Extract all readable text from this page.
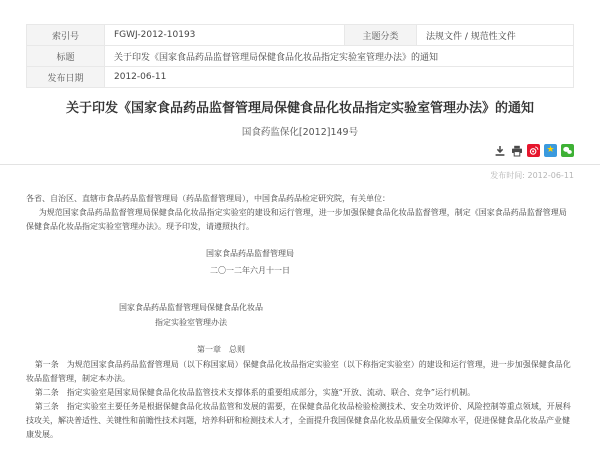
索引号	FGWJ-2012-10193	主题分类	法规文件 / 规范性文件
标题	关于印发《国家食品药品监督管理局保健食品化妆品指定实验室管理办法》的通知		
发布日期	2012-06-11		
关于印发《国家食品药品监督管理局保健食品化妆品指定实验室管理办法》的通知
国食药监保化[2012]149号
★
发布时间: 2012-06-11

各省、自治区、直辖市食品药品监督管理局（药品监督管理局），中国食品药品检定研究院，有关单位：

为规范国家食品药品监督管理局保健食品化妆品指定实验室的建设和运行管理，进一步加强保健食品化妆品监督管理，制定《国家食品药品监督管理局保健食品化妆品指定实验室管理办法》。现予印发，请遵照执行。

国家食品药品监督管理局

二〇一二年六月十一日

国家食品药品监督管理局保健食品化妆品

指定实验室管理办法

第一章　总则

第一条　为规范国家食品药品监督管理局（以下称国家局）保健食品化妆品指定实验室（以下称指定实验室）的建设和运行管理，进一步加强保健食品化妆品监督管理，制定本办法。

第二条　指定实验室是国家局保健食品化妆品监管技术支撑体系的重要组成部分，实施“开放、流动、联合、竞争”运行机制。

第三条　指定实验室主要任务是根据保健食品化妆品监管和发展的需要，在保健食品化妆品检验检测技术、安全功效评价、风险控制等重点领域，开展科技攻关，解决普适性、关键性和前瞻性技术问题，培养科研和检测技术人才，全面提升我国保健食品化妆品质量安全保障水平，促进保健食品化妆品产业健康发展。
